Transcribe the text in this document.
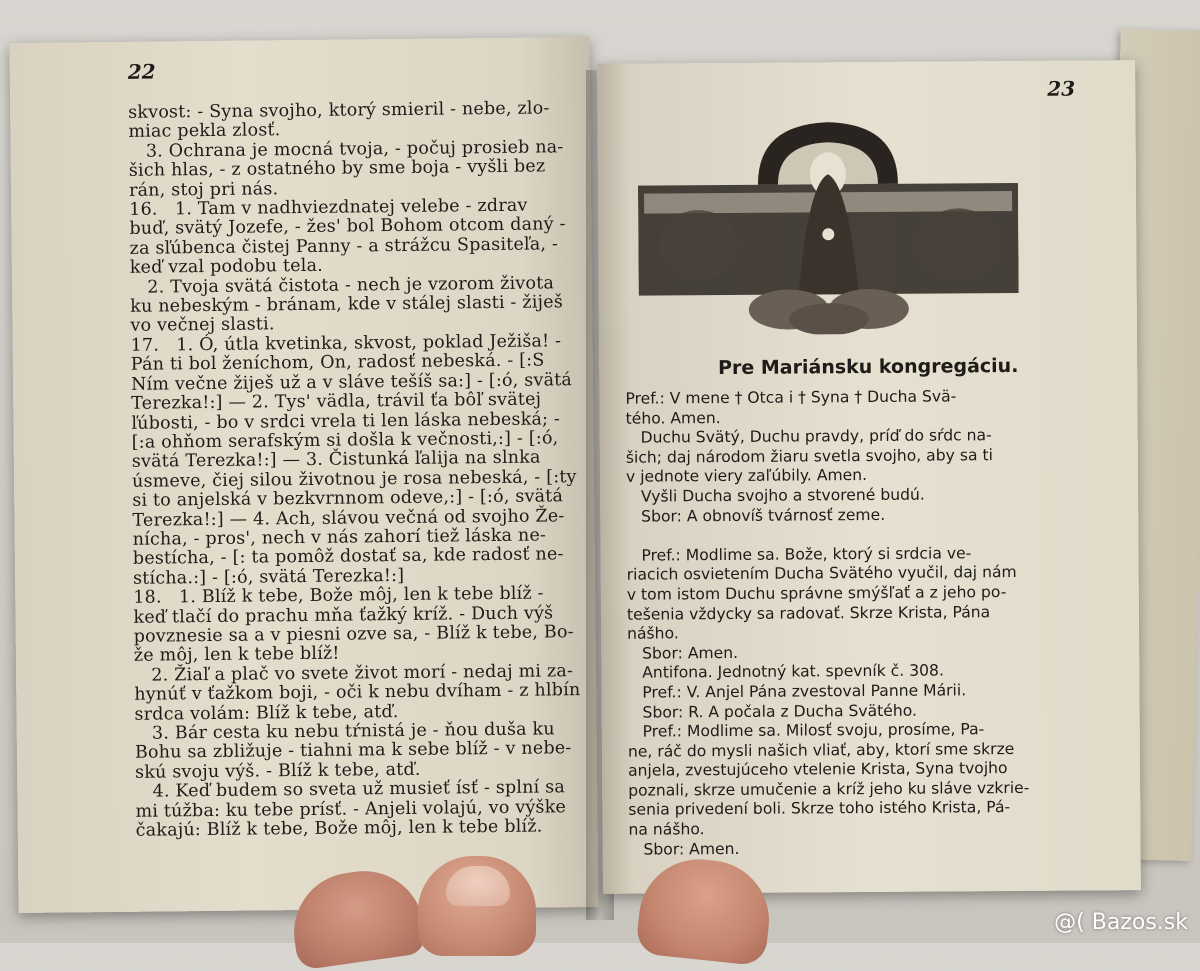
22
skvost: - Syna svojho, ktorý smieril - nebe, zlo-
miac pekla zlosť.
3. Ochrana je mocná tvoja, - počuj prosieb na-
šich hlas, - z ostatného by sme boja - vyšli bez
rán, stoj pri nás.
16.   1. Tam v nadhviezdnatej velebe - zdrav
buď, svätý Jozefe, - žes' bol Bohom otcom daný -
za sľúbenca čistej Panny - a strážcu Spasiteľa, -
keď vzal podobu tela.
2. Tvoja svätá čistota - nech je vzorom života
ku nebeským - bránam, kde v stálej slasti - žiješ
vo večnej slasti.
17.   1. Ó, útla kvetinka, skvost, poklad Ježiša! -
Pán ti bol ženíchom, On, radosť nebeská. - [:S
Ním večne žiješ už a v sláve tešíš sa:] - [:ó, svätá
Terezka!:] — 2. Tys' vädla, trávil ťa bôľ svätej
ľúbosti, - bo v srdci vrela ti len láska nebeská; -
[:a ohňom serafským si došla k večnosti,:] - [:ó,
svätá Terezka!:] — 3. Čistunká ľalija na slnka
úsmeve, čiej silou životnou je rosa nebeská, - [:ty
si to anjelská v bezkvrnnom odeve,:] - [:ó, svätá
Terezka!:] — 4. Ach, slávou večná od svojho Že-
nícha, - pros', nech v nás zahorí tiež láska ne-
bestícha, - [: ta pomôž dostať sa, kde radosť ne-
stícha.:] - [:ó, svätá Terezka!:]
18.   1. Blíž k tebe, Bože môj, len k tebe blíž -
keď tlačí do prachu mňa ťažký kríž. - Duch výš
povznesie sa a v piesni ozve sa, - Blíž k tebe, Bo-
že môj, len k tebe blíž!
2. Žiaľ a plač vo svete život morí - nedaj mi za-
hynúť v ťažkom boji, - oči k nebu dvíham - z hlbín
srdca volám: Blíž k tebe, atď.
3. Bár cesta ku nebu tŕnistá je - ňou duša ku
Bohu sa zbližuje - tiahni ma k sebe blíž - v nebe-
skú svoju výš. - Blíž k tebe, atď.
4. Keď budem so sveta už musieť ísť - splní sa
mi túžba: ku tebe prísť. - Anjeli volajú, vo výške
čakajú: Blíž k tebe, Bože môj, len k tebe blíž.
23
Pre Mariánsku kongregáciu.
Pref.: V mene † Otca i † Syna † Ducha Svä-
tého. Amen.
Duchu Svätý, Duchu pravdy, príď do sŕdc na-
šich; daj národom žiaru svetla svojho, aby sa ti
v jednote viery zaľúbily. Amen.
Vyšli Ducha svojho a stvorené budú.
Sbor: A obnovíš tvárnosť zeme.

Pref.: Modlime sa. Bože, ktorý si srdcia ve-
riacich osvietením Ducha Svätého vyučil, daj nám
v tom istom Duchu správne smýšľať a z jeho po-
tešenia vždycky sa radovať. Skrze Krista, Pána
nášho.
Sbor: Amen.
Antifona. Jednotný kat. spevník č. 308.
Pref.: V. Anjel Pána zvestoval Panne Márii.
Sbor: R. A počala z Ducha Svätého.
Pref.: Modlime sa. Milosť svoju, prosíme, Pa-
ne, ráč do mysli našich vliať, aby, ktorí sme skrze
anjela, zvestujúceho vtelenie Krista, Syna tvojho
poznali, skrze umučenie a kríž jeho ku sláve vzkrie-
senia privedení boli. Skrze toho istého Krista, Pá-
na nášho.
Sbor: Amen.
@( Bazos.sk
